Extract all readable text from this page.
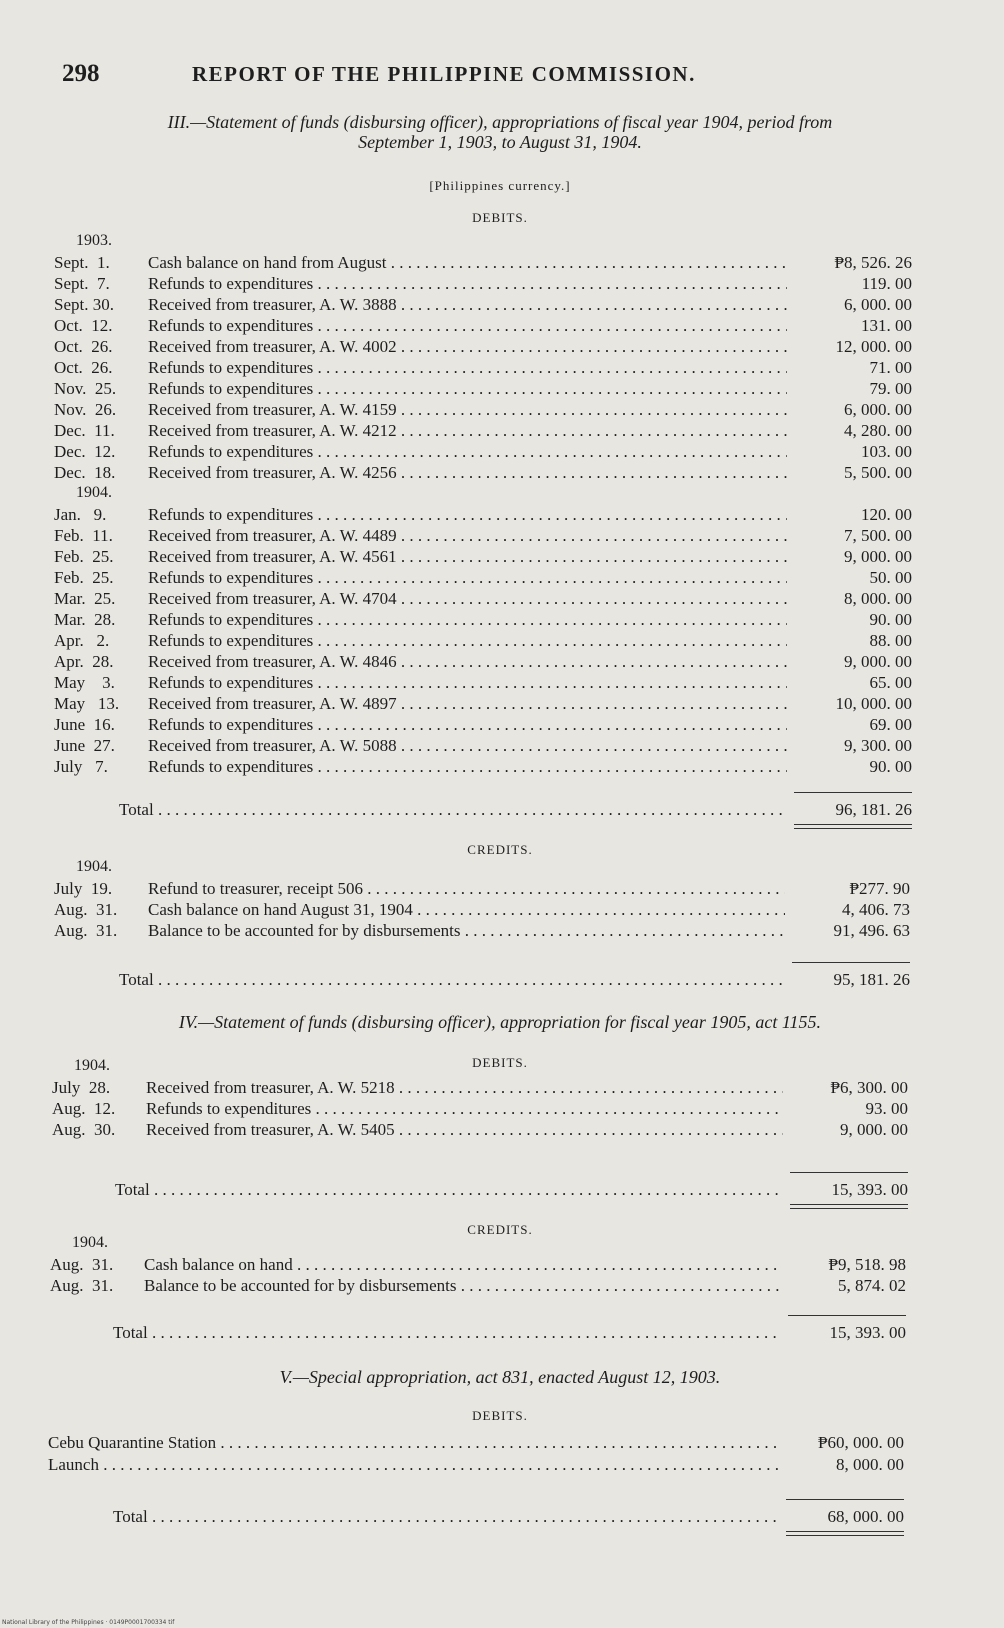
298	REPORT OF THE PHILIPPINE COMMISSION.
III.—Statement of funds (disbursing officer), appropriations of fiscal year 1904, period from
September 1, 1903, to August 31, 1904.
[Philippines currency.]
DEBITS.
1903.
Sept.  1. Cash balance on hand from August . . .	₱8, 526. 26
Sept.  7. Refunds to expenditures . . .	119. 00
Sept. 30. Received from treasurer, A. W. 3888 . . .	6, 000. 00
Oct.  12. Refunds to expenditures . . .	131. 00
Oct.  26. Received from treasurer, A. W. 4002 . . .	12, 000. 00
Oct.  26. Refunds to expenditures . . .	71. 00
Nov.  25. Refunds to expenditures . . .	79. 00
Nov.  26. Received from treasurer, A. W. 4159 . . .	6, 000. 00
Dec.  11. Received from treasurer, A. W. 4212 . . .	4, 280. 00
Dec.  12. Refunds to expenditures . . .	103. 00
Dec.  18. Received from treasurer, A. W. 4256 . . .	5, 500. 00
1904.
Jan.   9. Refunds to expenditures . . .	120. 00
Feb.  11. Received from treasurer, A. W. 4489 . . .	7, 500. 00
Feb.  25. Received from treasurer, A. W. 4561 . . .	9, 000. 00
Feb.  25. Refunds to expenditures . . .	50. 00
Mar.  25. Received from treasurer, A. W. 4704 . . .	8, 000. 00
Mar.  28. Refunds to expenditures . . .	90. 00
Apr.   2. Refunds to expenditures . . .	88. 00
Apr.  28. Received from treasurer, A. W. 4846 . . .	9, 000. 00
May    3. Refunds to expenditures . . .	65. 00
May   13. Received from treasurer, A. W. 4897 . . .	10, 000. 00
June  16. Refunds to expenditures . . .	69. 00
June  27. Received from treasurer, A. W. 5088 . . .	9, 300. 00
July   7. Refunds to expenditures . . .	90. 00
Total . . .	96, 181. 26
CREDITS.
1904.
July  19. Refund to treasurer, receipt 506 . . .	₱277. 90
Aug.  31. Cash balance on hand August 31, 1904 . . .	4, 406. 73
Aug.  31. Balance to be accounted for by disbursements . . .	91, 496. 63
Total . . .	95, 181. 26
IV.—Statement of funds (disbursing officer), appropriation for fiscal year 1905, act 1155.
DEBITS.
1904.
July  28. Received from treasurer, A. W. 5218 . . .	₱6, 300. 00
Aug.  12. Refunds to expenditures . . .	93. 00
Aug.  30. Received from treasurer, A. W. 5405 . . .	9, 000. 00
Total . . .	15, 393. 00
CREDITS.
1904.
Aug.  31. Cash balance on hand . . .	₱9, 518. 98
Aug.  31. Balance to be accounted for by disbursements . . .	5, 874. 02
Total . . .	15, 393. 00
V.—Special appropriation, act 831, enacted August 12, 1903.
DEBITS.
Cebu Quarantine Station . . .	₱60, 000. 00
Launch . . .	8, 000. 00
Total . . .	68, 000. 00
National Library of the Philippines · 0149P0001700334 tif
